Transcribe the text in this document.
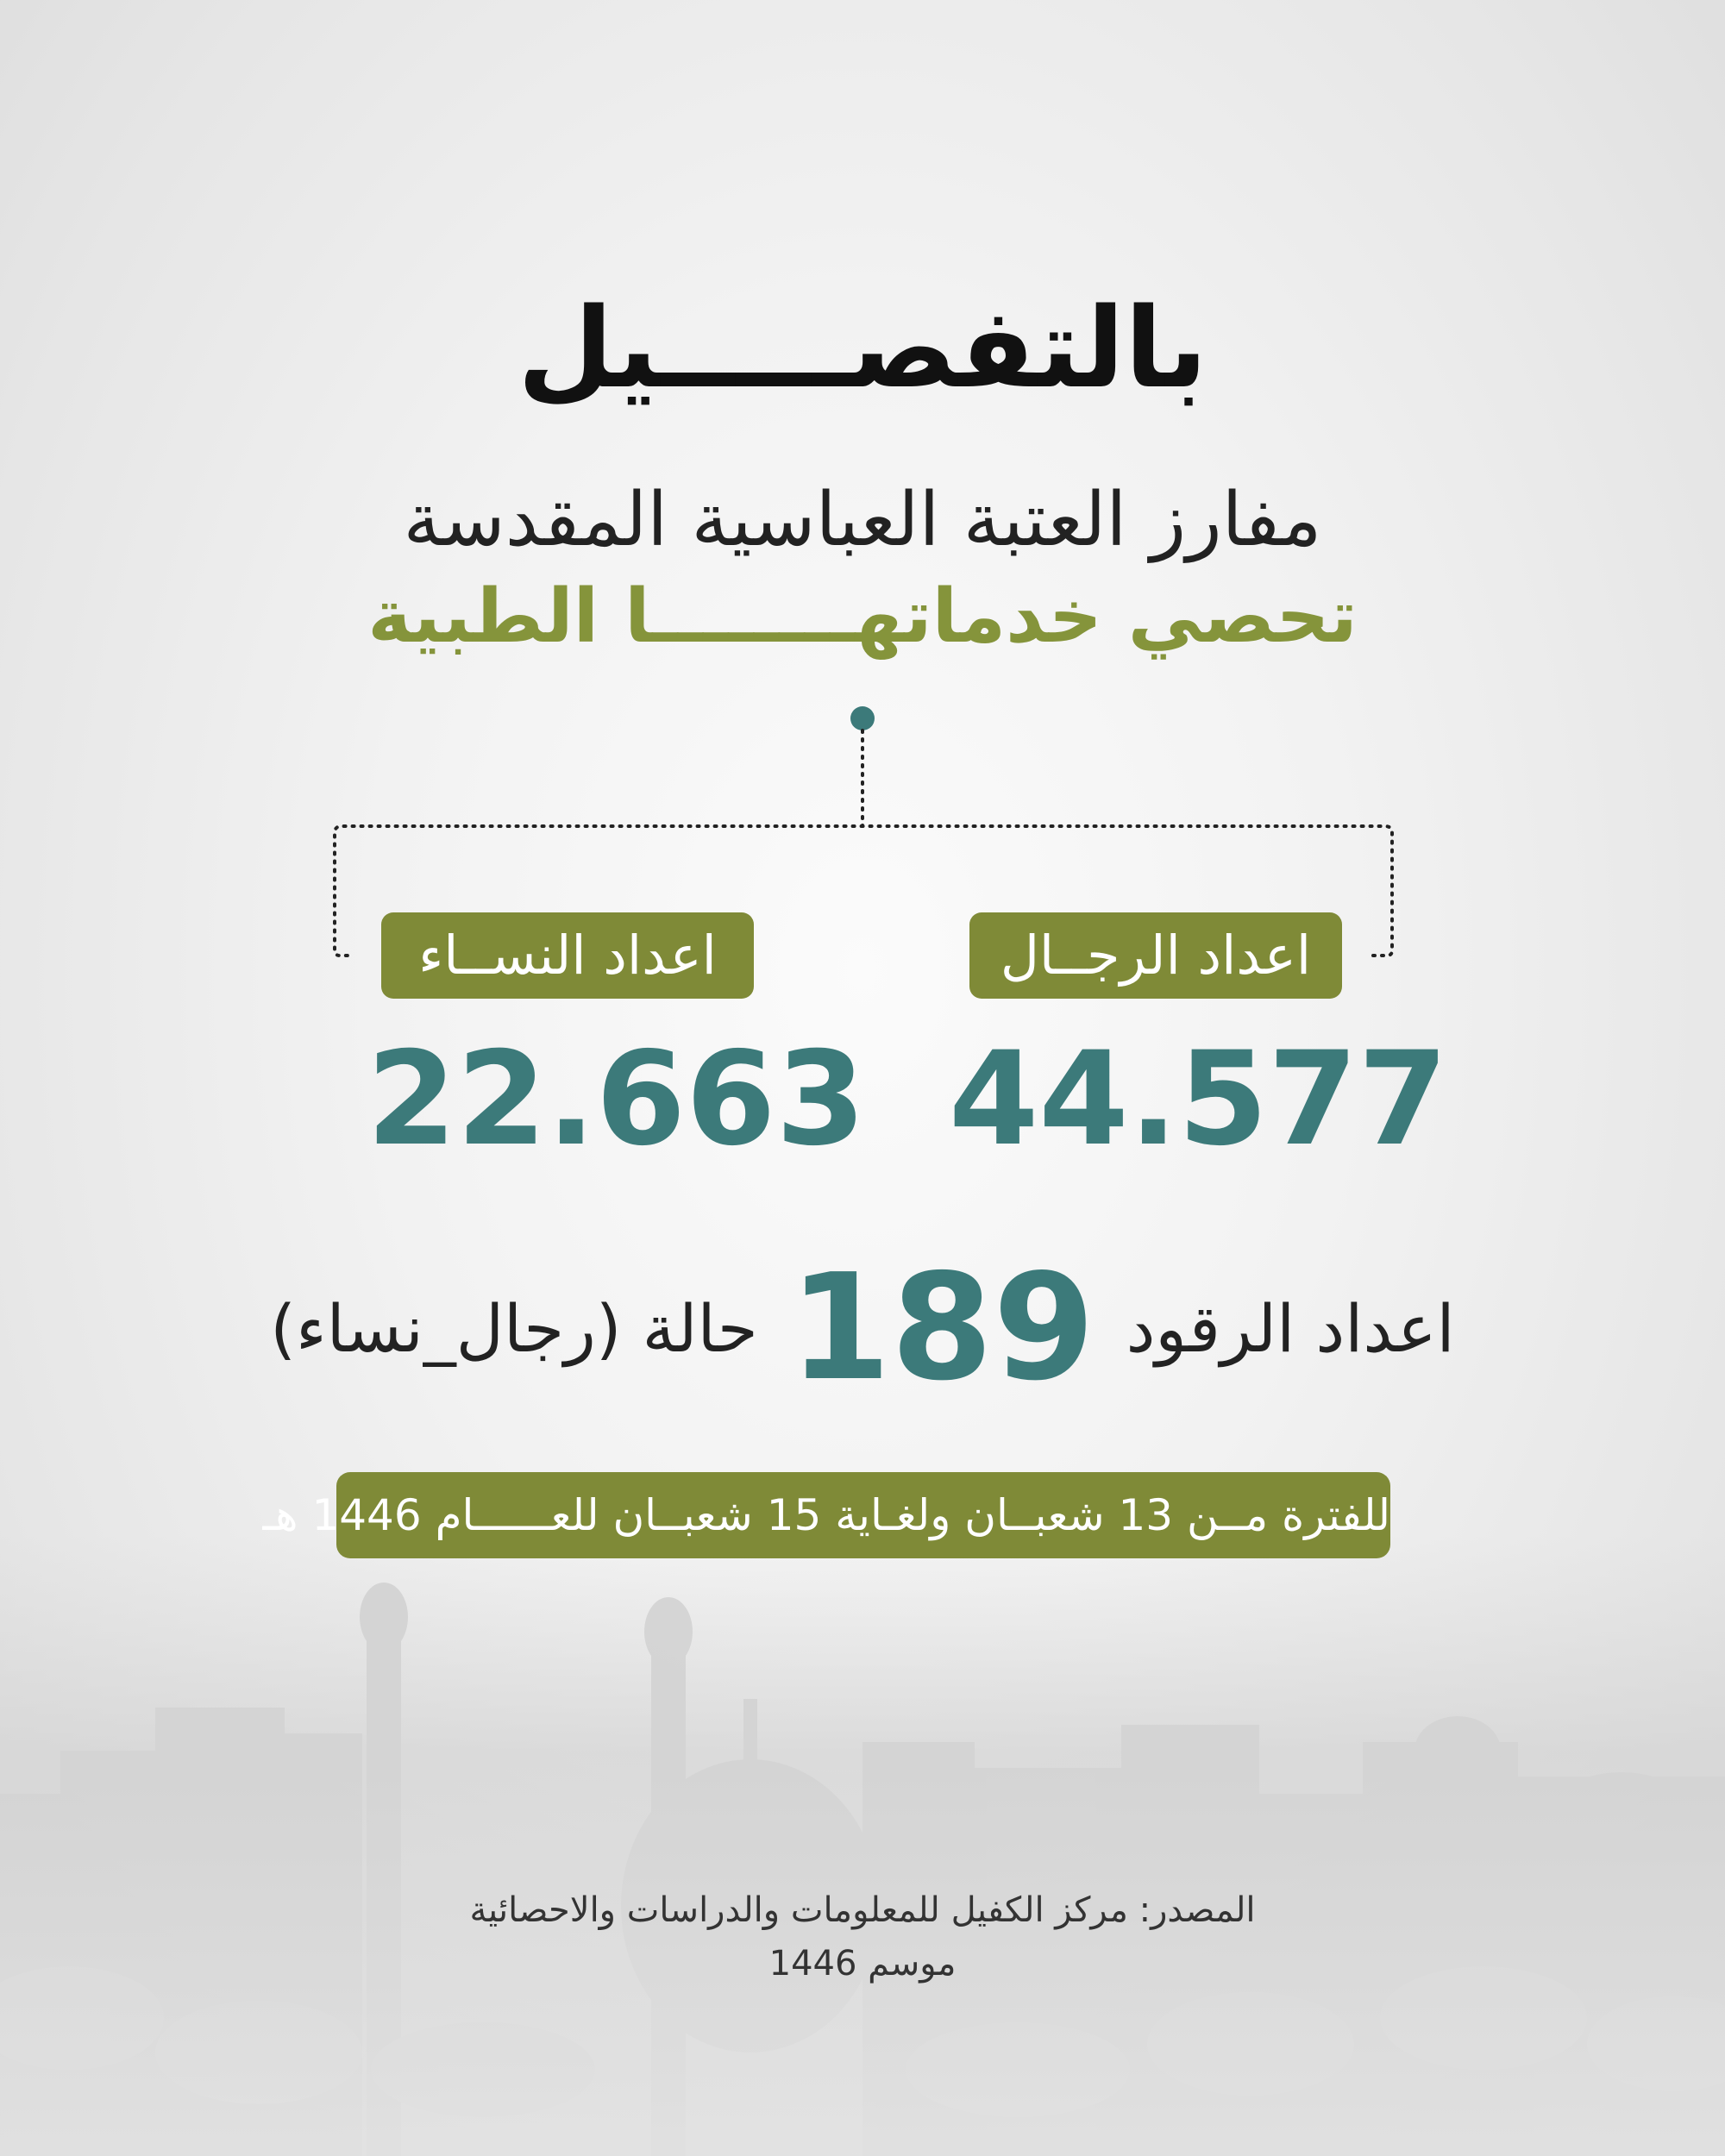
بالتفصـــــيل
مفارز العتبة العباسية المقدسة
تحصي خدماتهــــــــا الطبية
اعداد الرجــال
اعداد النســاء
44.577
22.663
اعداد الرقود
189
حالة (رجال_نساء)
للفترة مــن 13 شعبــان ولغـاية 15 شعبــان للعــــــام 1446 هـ
المصدر: مركز الكفيل للمعلومات والدراسات والاحصائية
موسم 1446
